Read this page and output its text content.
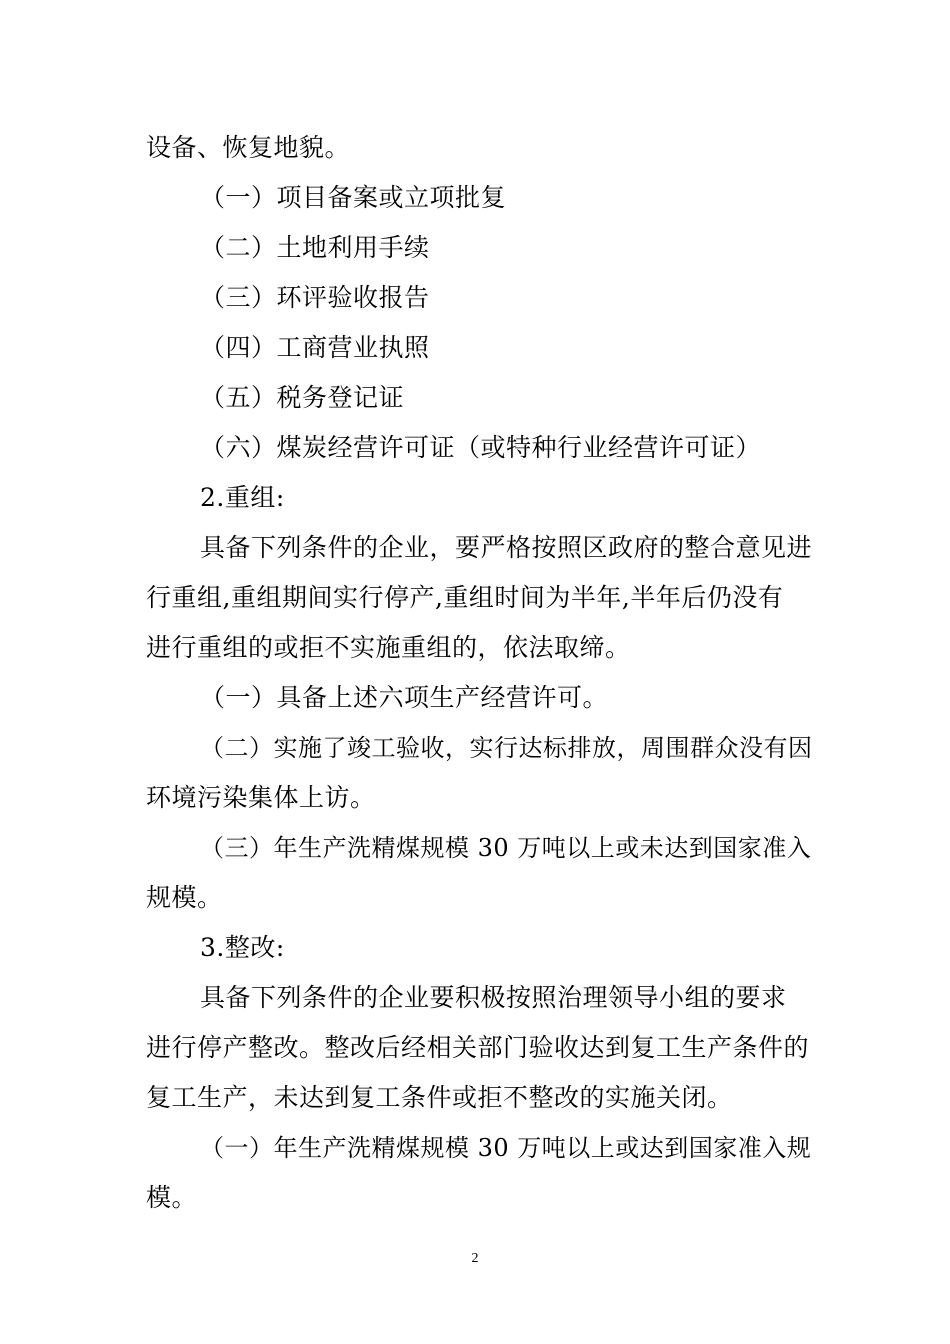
设备、恢复地貌。
（一）项目备案或立项批复
（二）土地利用手续
（三）环评验收报告
（四）工商营业执照
（五）税务登记证
（六）煤炭经营许可证（或特种行业经营许可证）
2.重组:
具备下列条件的企业，要严格按照区政府的整合意见进
行重组,重组期间实行停产,重组时间为半年,半年后仍没有
进行重组的或拒不实施重组的，依法取缔。
（一）具备上述六项生产经营许可。
（二）实施了竣工验收，实行达标排放，周围群众没有因
环境污染集体上访。
（三）年生产洗精煤规模 30 万吨以上或未达到国家准入
规模。
3.整改:
具备下列条件的企业要积极按照治理领导小组的要求
进行停产整改。整改后经相关部门验收达到复工生产条件的
复工生产，未达到复工条件或拒不整改的实施关闭。
（一）年生产洗精煤规模 30 万吨以上或达到国家准入规
模。
2
